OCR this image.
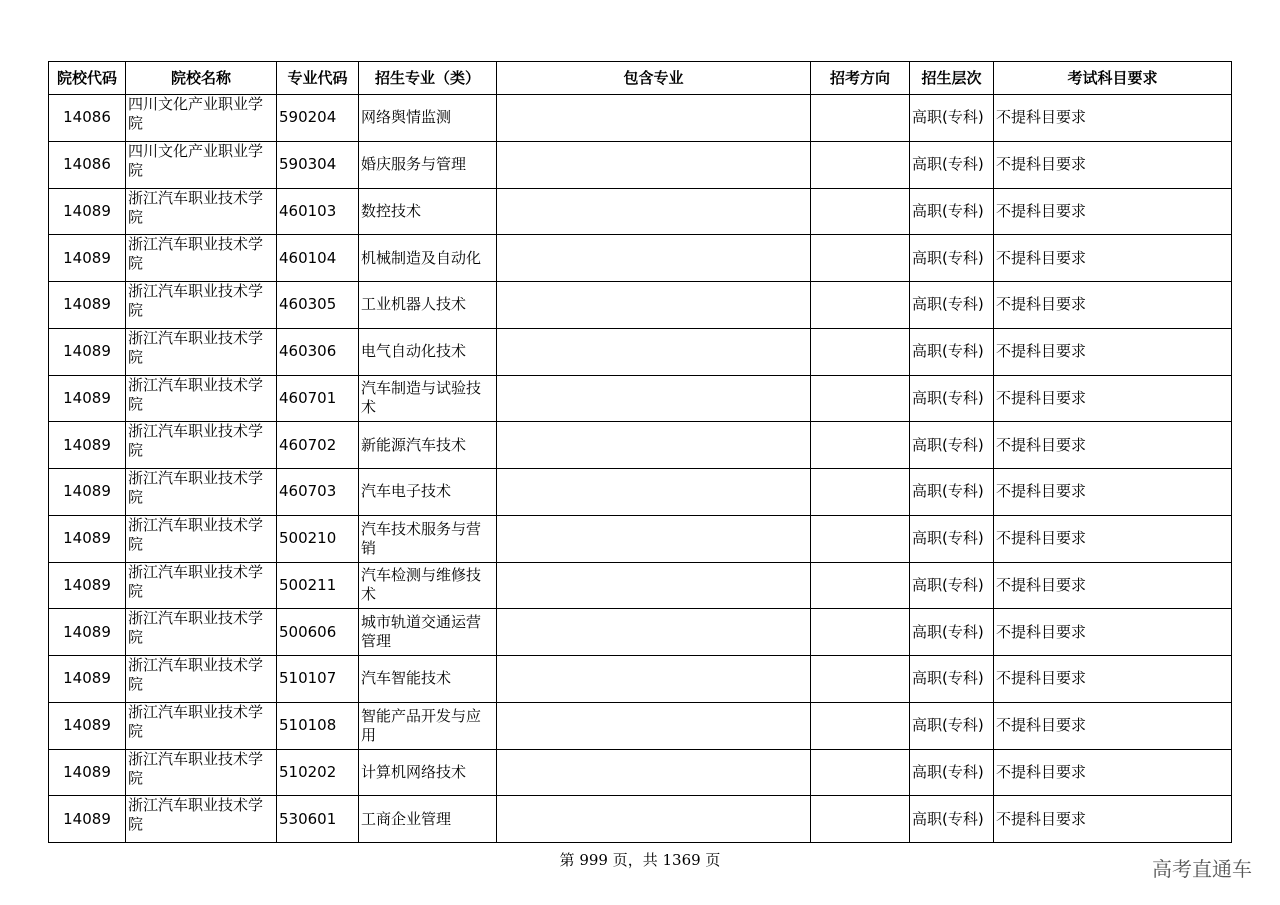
院校代码	院校名称	专业代码	招生专业（类）	包含专业	招考方向	招生层次	考试科目要求
14086	四川文化产业职业学院	590204	网络舆情监测			高职(专科)	不提科目要求
14086	四川文化产业职业学院	590304	婚庆服务与管理			高职(专科)	不提科目要求
14089	浙江汽车职业技术学院	460103	数控技术			高职(专科)	不提科目要求
14089	浙江汽车职业技术学院	460104	机械制造及自动化			高职(专科)	不提科目要求
14089	浙江汽车职业技术学院	460305	工业机器人技术			高职(专科)	不提科目要求
14089	浙江汽车职业技术学院	460306	电气自动化技术			高职(专科)	不提科目要求
14089	浙江汽车职业技术学院	460701	汽车制造与试验技术			高职(专科)	不提科目要求
14089	浙江汽车职业技术学院	460702	新能源汽车技术			高职(专科)	不提科目要求
14089	浙江汽车职业技术学院	460703	汽车电子技术			高职(专科)	不提科目要求
14089	浙江汽车职业技术学院	500210	汽车技术服务与营销			高职(专科)	不提科目要求
14089	浙江汽车职业技术学院	500211	汽车检测与维修技术			高职(专科)	不提科目要求
14089	浙江汽车职业技术学院	500606	城市轨道交通运营管理			高职(专科)	不提科目要求
14089	浙江汽车职业技术学院	510107	汽车智能技术			高职(专科)	不提科目要求
14089	浙江汽车职业技术学院	510108	智能产品开发与应用			高职(专科)	不提科目要求
14089	浙江汽车职业技术学院	510202	计算机网络技术			高职(专科)	不提科目要求
14089	浙江汽车职业技术学院	530601	工商企业管理			高职(专科)	不提科目要求
第 999 页，共 1369 页	高考直通车
